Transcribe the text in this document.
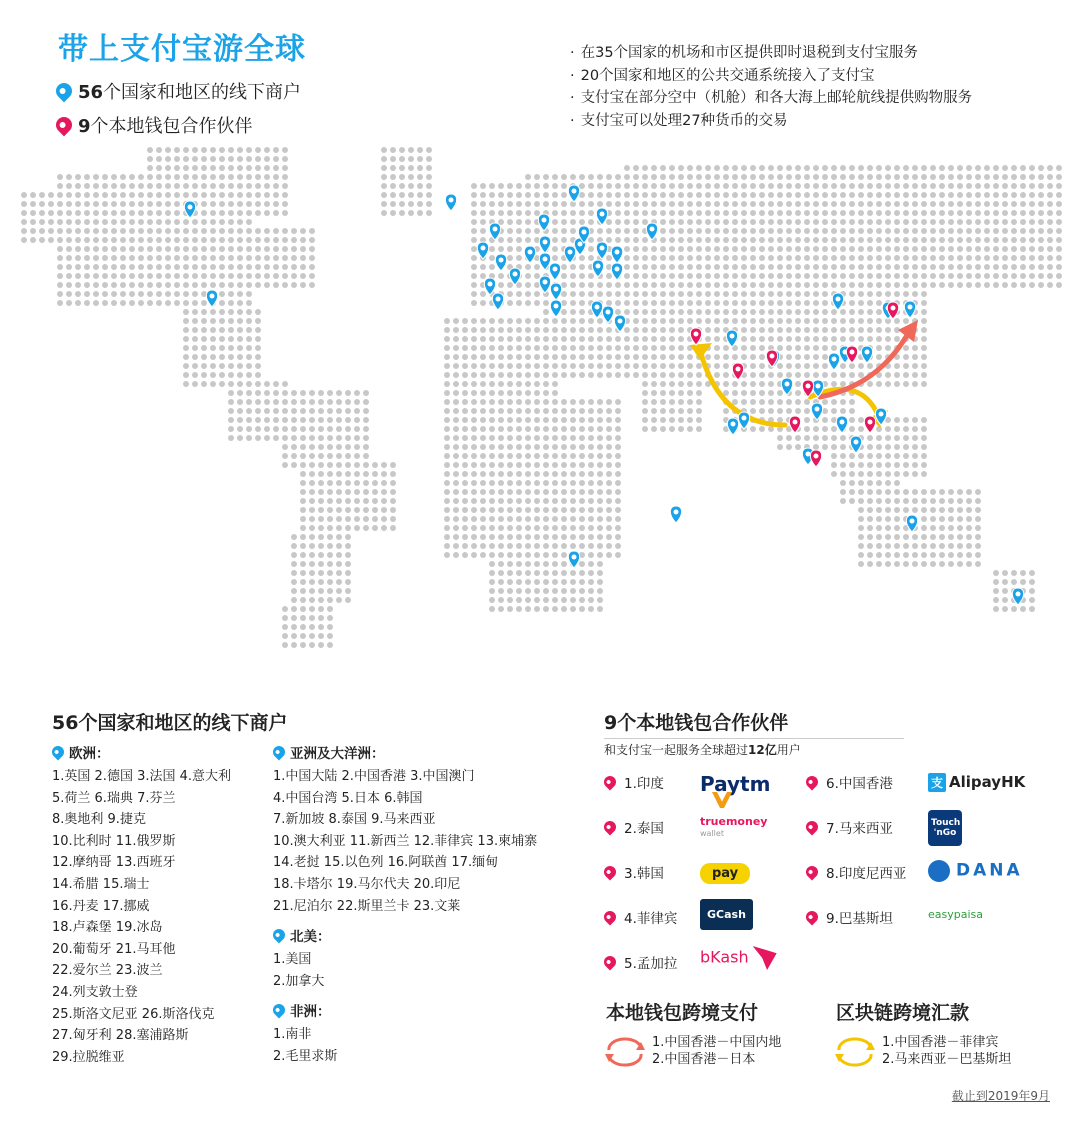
带上支付宝游全球
56个国家和地区的线下商户
9个本地钱包合作伙伴
· 在35个国家的机场和市区提供即时退税到支付宝服务
· 20个国家和地区的公共交通系统接入了支付宝
· 支付宝在部分空中（机舱）和各大海上邮轮航线提供购物服务
· 支付宝可以处理27种货币的交易
56个国家和地区的线下商户
欧洲：
1.英国 2.德国 3.法国 4.意大利
5.荷兰 6.瑞典 7.芬兰
8.奥地利 9.捷克
10.比利时 11.俄罗斯
12.摩纳哥 13.西班牙
14.希腊 15.瑞士
16.丹麦 17.挪威
18.卢森堡 19.冰岛
20.葡萄牙 21.马耳他
22.爱尔兰 23.波兰
24.列支敦士登
25.斯洛文尼亚 26.斯洛伐克
27.匈牙利 28.塞浦路斯
29.拉脱维亚
亚洲及大洋洲：
1.中国大陆 2.中国香港 3.中国澳门
4.中国台湾 5.日本 6.韩国
7.新加坡 8.泰国 9.马来西亚
10.澳大利亚 11.新西兰 12.菲律宾 13.柬埔寨
14.老挝 15.以色列 16.阿联酋 17.缅甸
18.卡塔尔 19.马尔代夫 20.印尼
21.尼泊尔 22.斯里兰卡 23.文莱
北美：
1.美国
2.加拿大
非洲：
1.南非
2.毛里求斯
9个本地钱包合作伙伴
和支付宝一起服务全球超过12亿用户
1.印度 Paytm
2.泰国	truemoney
wallet
3.韩国	pay
4.菲律宾	GCash
5.孟加拉 bKash
6.中国香港	支 AlipayHK
7.马来西亚	Touch 'nGo
8.印度尼西亚	DANA
9.巴基斯坦	easypaisa
本地钱包跨境支付
1.中国香港－中国内地
2.中国香港－日本
区块链跨境汇款
1.中国香港－菲律宾
2.马来西亚－巴基斯坦
截止到2019年9月
